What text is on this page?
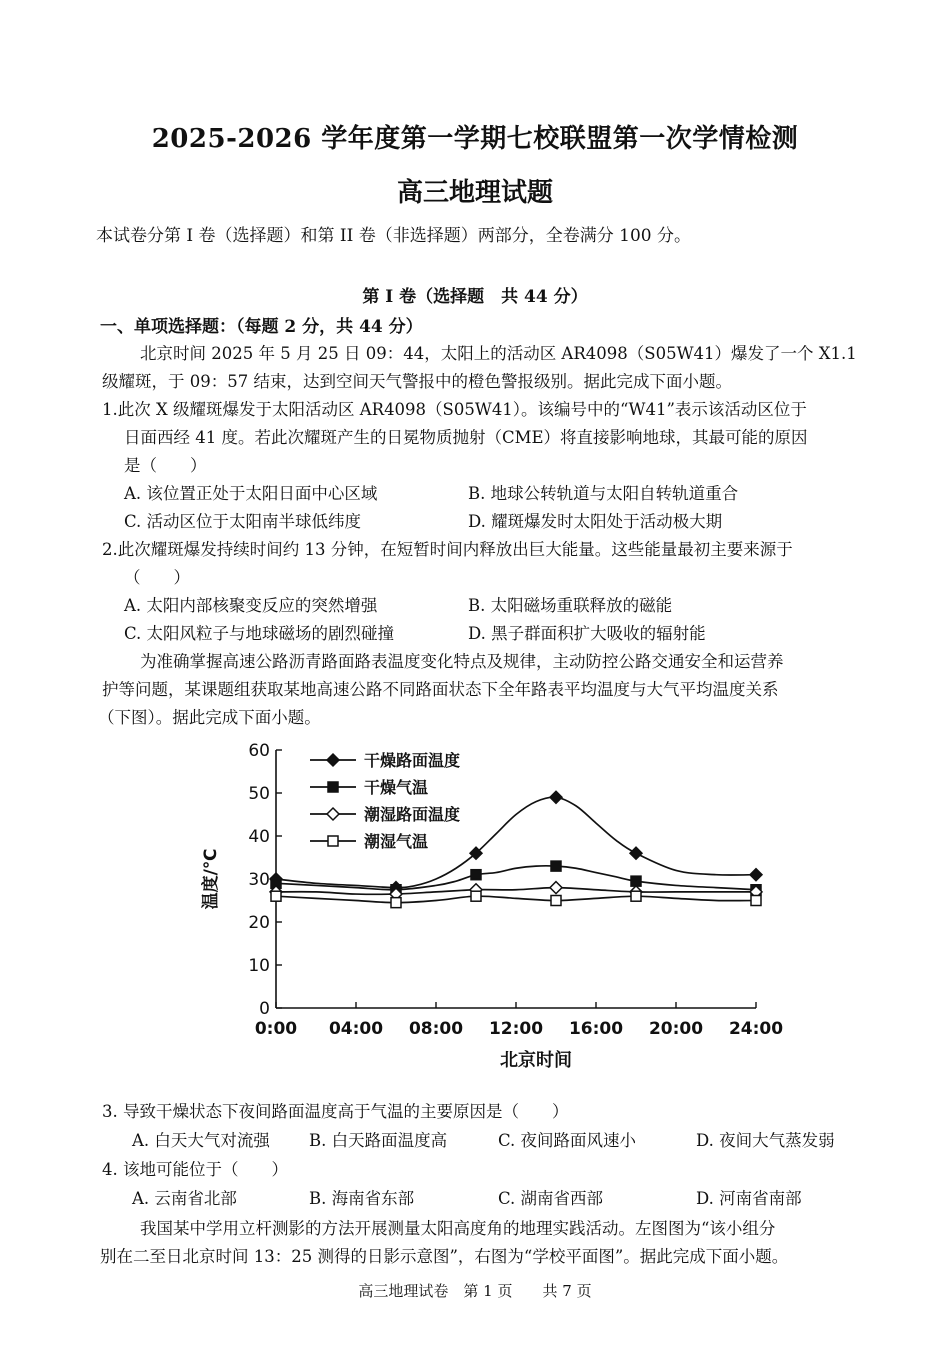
2025-2026 学年度第一学期七校联盟第一次学情检测
高三地理试题
本试卷分第 I 卷（选择题）和第 II 卷（非选择题）两部分，全卷满分 100 分。
第 I 卷（选择题　共 44 分）
一、单项选择题：（每题 2 分，共 44 分）
北京时间 2025 年 5 月 25 日 09：44，太阳上的活动区 AR4098（S05W41）爆发了一个 X1.1
级耀斑，于 09：57 结束，达到空间天气警报中的橙色警报级别。据此完成下面小题。
1.此次 X 级耀斑爆发于太阳活动区 AR4098（S05W41）。该编号中的“W41”表示该活动区位于
日面西经 41 度。若此次耀斑产生的日冕物质抛射（CME）将直接影响地球，其最可能的原因
是（　　）
A. 该位置正处于太阳日面中心区域	B. 地球公转轨道与太阳自转轨道重合
C. 活动区位于太阳南半球低纬度	D. 耀斑爆发时太阳处于活动极大期
2.此次耀斑爆发持续时间约 13 分钟，在短暂时间内释放出巨大能量。这些能量最初主要来源于
（　　）
A. 太阳内部核聚变反应的突然增强	B. 太阳磁场重联释放的磁能
C. 太阳风粒子与地球磁场的剧烈碰撞	D. 黑子群面积扩大吸收的辐射能
为准确掌握高速公路沥青路面路表温度变化特点及规律，主动防控公路交通安全和运营养
护等问题，某课题组获取某地高速公路不同路面状态下全年路表平均温度与大气平均温度关系
（下图）。据此完成下面小题。
0
10
20
30
40
50
60
0:00 04:00 08:00 12:00 16:00 20:00 24:00
北京时间
温度/℃
干燥路面温度
干燥气温
潮湿路面温度
潮湿气温
3. 导致干燥状态下夜间路面温度高于气温的主要原因是（　　）
A. 白天大气对流强 B. 白天路面温度高	C. 夜间路面风速小	D. 夜间大气蒸发弱
4. 该地可能位于（　　）
A. 云南省北部	B. 海南省东部	C. 湖南省西部	D. 河南省南部
我国某中学用立杆测影的方法开展测量太阳高度角的地理实践活动。左图图为“该小组分
别在二至日北京时间 13：25 测得的日影示意图”，右图为“学校平面图”。据此完成下面小题。
高三地理试卷　第 1 页　　共 7 页
